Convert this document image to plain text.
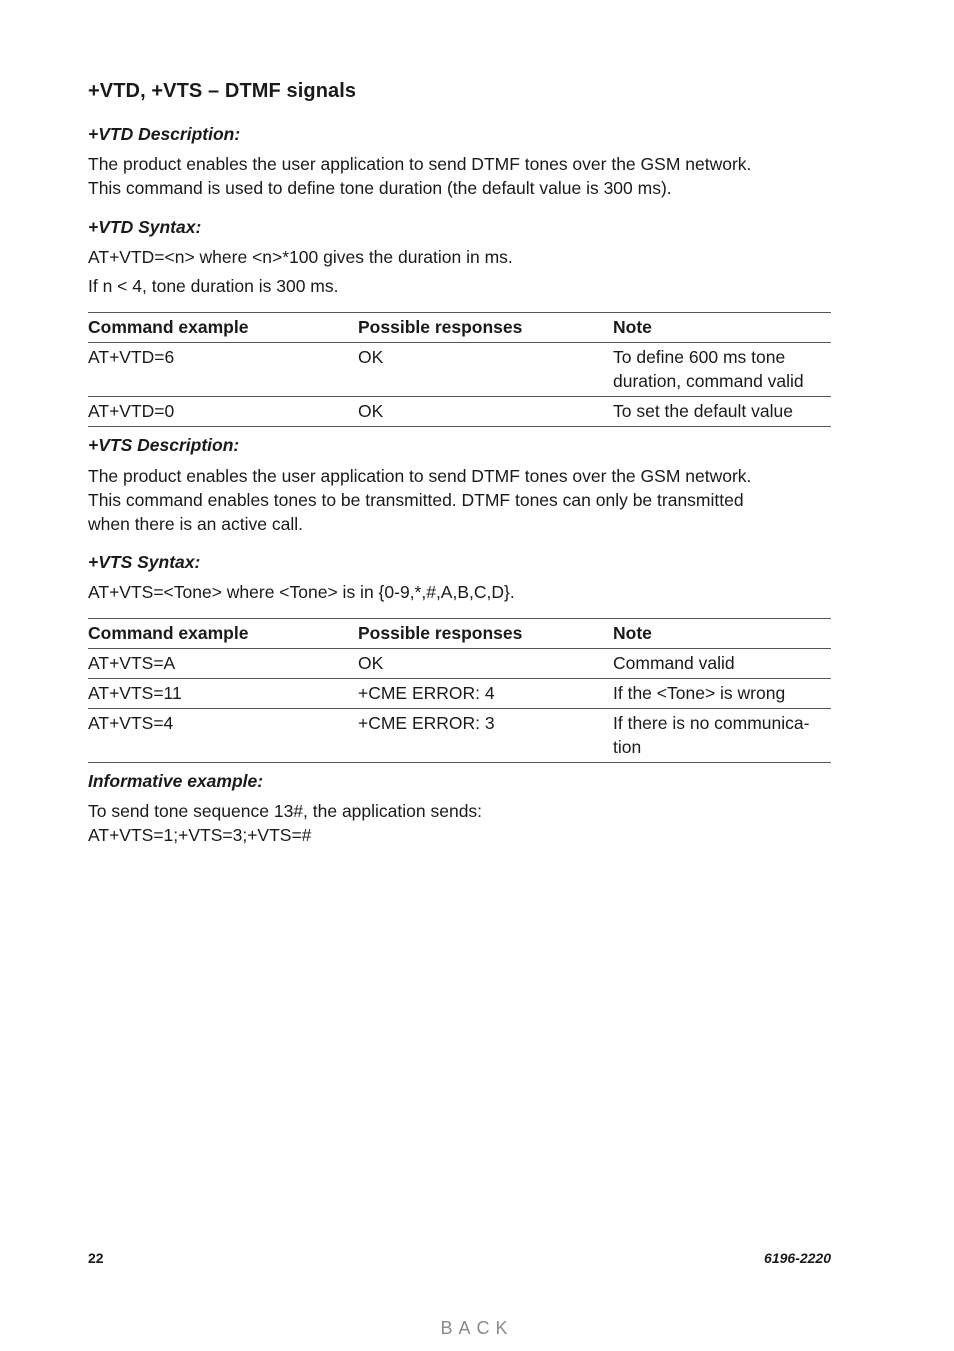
+VTD, +VTS – DTMF signals

+VTD Description:

The product enables the user application to send DTMF tones over the GSM network.
This command is used to define tone duration (the default value is 300 ms).

+VTD Syntax:

AT+VTD=<n> where <n>*100 gives the duration in ms.

If n < 4, tone duration is 300 ms.

Command example	Possible responses	Note
AT+VTD=6	OK	To define 600 ms tone
duration, command valid

AT+VTD=0	OK	To set the default value

+VTS Description:

The product enables the user application to send DTMF tones over the GSM network.
This command enables tones to be transmitted. DTMF tones can only be transmitted
when there is an active call.

+VTS Syntax:

AT+VTS=<Tone> where <Tone> is in {0-9,*,#,A,B,C,D}.

Command example	Possible responses	Note
AT+VTS=A	OK	Command valid

AT+VTS=11	+CME ERROR: 4	If the <Tone> is wrong

AT+VTS=4	+CME ERROR: 3	If there is no communica-
tion

Informative example:

To send tone sequence 13#, the application sends:
AT+VTS=1;+VTS=3;+VTS=#

22	6196-2220
BACK
